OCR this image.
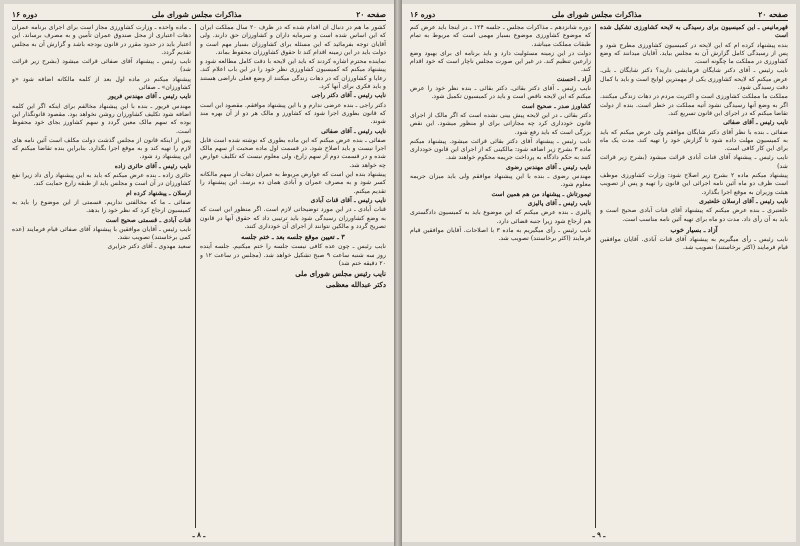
صفحه ۲۰
مذاکرات مجلس شورای ملی
دوره ۱۶
کشور ما هم در دنبال آن اقدام شده که در ظرف ۲۰ سال مملکت ایران که این اساس شده است و سرمایه داران و کشاورزان حق دارند. ولی آقایان توجه بفرمائید که این مسئله برای کشاورزان بسیار مهم است و دولت باید در این زمینه اقدام کند تا حقوق کشاورزان محفوظ بماند.
نماینده محترم اشاره کردند که باید این لایحه با دقت کامل مطالعه شود و پیشنهاد میکنم که کمیسیون کشاورزی نظر خود را در این باب اعلام کند. رعایا و کشاورزان که در دهات زندگی میکنند از وضع فعلی ناراضی هستند و باید فکری برای آنها کرد.
نایب رئیس ـ آقای دکتر راجی
دکتر راجی ـ بنده عرضی ندارم و با این پیشنهاد موافقم. مقصود این است که قانون بطوری اجرا شود که کشاورز و مالک هر دو از آن بهره مند شوند.
نایب رئیس ـ آقای صفائی
صفائی ـ بنده عرض میکنم که این ماده بطوری که نوشته شده است قابل اجرا نیست و باید اصلاح شود. در قسمت اول ماده صحبت از سهم مالک شده و در قسمت دوم از سهم زارع، ولی معلوم نیست که تکلیف عوارض چه خواهد شد.
پیشنهاد بنده این است که عوارض مربوط به عمران دهات از سهم مالکانه کسر شود و به مصرف عمران و آبادی همان ده برسد. این پیشنهاد را تقدیم میکنم.
نایب رئیس ـ آقای قنات آبادی
قنات آبادی ـ در این مورد توضیحاتی لازم است. اگر منظور این است که به وضع کشاورزان رسیدگی شود باید ترتیبی داد که حقوق آنها در قانون تصریح گردد و مالکین نتوانند از اجرای آن خودداری کنند.
۳ ـ تعیین موقع جلسه بعد ـ ختم جلسه
نایب رئیس ـ چون عده کافی نیست جلسه را ختم میکنیم. جلسه آینده روز سه شنبه ساعت ۹ صبح تشکیل خواهد شد. (مجلس در ساعت ۱۲ و ۲۰ دقیقه ختم شد)
نایب رئیس مجلس شورای ملی
دکتر عبدالله معظمی
ـ ماده واحده ـ وزارت کشاورزی مجاز است برای اجرای برنامه عمران دهات اعتباری از محل صندوق عمران تأمین و به مصرف برساند. این اعتبار باید در حدود مقرر در قانون بودجه باشد و گزارش آن به مجلس تقدیم گردد.
نایب رئیس ـ پیشنهاد آقای صفائی قرائت میشود (بشرح زیر قرائت شد)
پیشنهاد میکنم در ماده اول بعد از کلمه مالکانه اضافه شود «و کشاورزان» ـ صفائی
نایب رئیس ـ آقای مهندس فریور
مهندس فریور ـ بنده با این پیشنهاد مخالفم برای اینکه اگر این کلمه اضافه شود تکلیف کشاورزان روشن نخواهد بود. مقصود قانونگذار این بوده که سهم مالک معین گردد و سهم کشاورز بجای خود محفوظ است.
پس از اینکه قانون از مجلس گذشت دولت مکلف است آئین نامه های لازم را تهیه کند و به موقع اجرا بگذارد. بنابراین بنده تقاضا میکنم که این پیشنهاد رد شود.
نایب رئیس ـ آقای حائری زاده
حائری زاده ـ بنده عرض میکنم که باید به این پیشنهاد رأی داد زیرا نفع کشاورزان در آن است و مجلس باید از طبقه زارع حمایت کند.
ارسلان ـ پیشنهاد کرده ام
صفائی ـ ما که مخالفتی نداریم. قسمتی از این موضوع را باید به کمیسیون ارجاع کرد که نظر خود را بدهد.
قنات آبادی ـ قسمتی صحیح است
نایب رئیس ـ آقایان موافقین با پیشنهاد آقای صفائی قیام فرمایند (عده کمی برخاستند) تصویب نشد.
سعید مهدوی ـ آقای دکتر جزایری
ـ ۸ ـ
صفحه ۲۰
مذاکرات مجلس شورای ملی
دوره ۱۶
قهرمانیس ـ این کمیسیون برای رسیدگی به لایحه کشاورزی تشکیل شده است
بنده پیشنهاد کرده ام که این لایحه در کمیسیون کشاورزی مطرح شود و پس از رسیدگی کامل گزارش آن به مجلس بیاید. آقایان میدانند که وضع کشاورزی در مملکت ما چگونه است.
نایب رئیس ـ آقای دکتر شایگان فرمایشی دارید؟ دکتر شایگان ـ بلی. عرض میکنم که لایحه کشاورزی یکی از مهمترین لوایح است و باید با کمال دقت رسیدگی شود.
مملکت ما مملکت کشاورزی است و اکثریت مردم در دهات زندگی میکنند. اگر به وضع آنها رسیدگی نشود آتیه مملکت در خطر است. بنده از دولت تقاضا میکنم که در اجرای این قانون تسریع کند.
نایب رئیس ـ آقای صفائی
صفائی ـ بنده با نظر آقای دکتر شایگان موافقم ولی عرض میکنم که باید به کمیسیون مهلت داده شود تا گزارش خود را تهیه کند. مدت یک ماه برای این کار کافی است.
نایب رئیس ـ پیشنهاد آقای قنات آبادی قرائت میشود (بشرح زیر قرائت شد)
پیشنهاد میکنم ماده ۲ بشرح زیر اصلاح شود: وزارت کشاورزی موظف است ظرف دو ماه آئین نامه اجرائی این قانون را تهیه و پس از تصویب هیئت وزیران به موقع اجرا بگذارد.
نایب رئیس ـ آقای ارسلان خلعتبری
خلعتبری ـ بنده عرض میکنم که پیشنهاد آقای قنات آبادی صحیح است و باید به آن رأی داد. مدت دو ماه برای تهیه آئین نامه مناسب است.
آزاد ـ بسیار خوب
نایب رئیس ـ رأی میگیریم به پیشنهاد آقای قنات آبادی. آقایان موافقین قیام فرمایند (اکثر برخاستند) تصویب شد.
دوره شانزدهم ـ مذاکرات مجلس ـ جلسه ۱۲۴ ـ در اینجا باید عرض کنم که موضوع کشاورزی موضوع بسیار مهمی است که مربوط به تمام طبقات مملکت میباشد.
دولت در این زمینه مسئولیت دارد و باید برنامه ای برای بهبود وضع زارعین تنظیم کند. در غیر این صورت مجلس ناچار است که خود اقدام کند.
آزاد ـ احسنت
نایب رئیس ـ آقای دکتر بقائی. دکتر بقائی ـ بنده نظر خود را عرض میکنم که این لایحه ناقص است و باید در کمیسیون تکمیل شود.
کشاورز صدر ـ صحیح است
دکتر بقائی ـ در این لایحه پیش بینی نشده است که اگر مالک از اجرای قانون خودداری کرد چه مجازاتی برای او منظور میشود. این نقص بزرگی است که باید رفع شود.
نایب رئیس ـ پیشنهاد آقای دکتر بقائی قرائت میشود. پیشنهاد میکنم ماده ۳ بشرح زیر اضافه شود: مالکینی که از اجرای این قانون خودداری کنند به حکم دادگاه به پرداخت جریمه محکوم خواهند شد.
نایب رئیس ـ آقای مهندس رضوی
مهندس رضوی ـ بنده با این پیشنهاد موافقم ولی باید میزان جریمه معلوم شود.
تیمورتاش ـ پیشنهاد من هم همین است
نایب رئیس ـ آقای پالیزی
پالیزی ـ بنده عرض میکنم که این موضوع باید به کمیسیون دادگستری هم ارجاع شود زیرا جنبه قضائی دارد.
نایب رئیس ـ رأی میگیریم به ماده ۳ با اصلاحات. آقایان موافقین قیام فرمایند (اکثر برخاستند) تصویب شد.
ـ ۹ ـ
